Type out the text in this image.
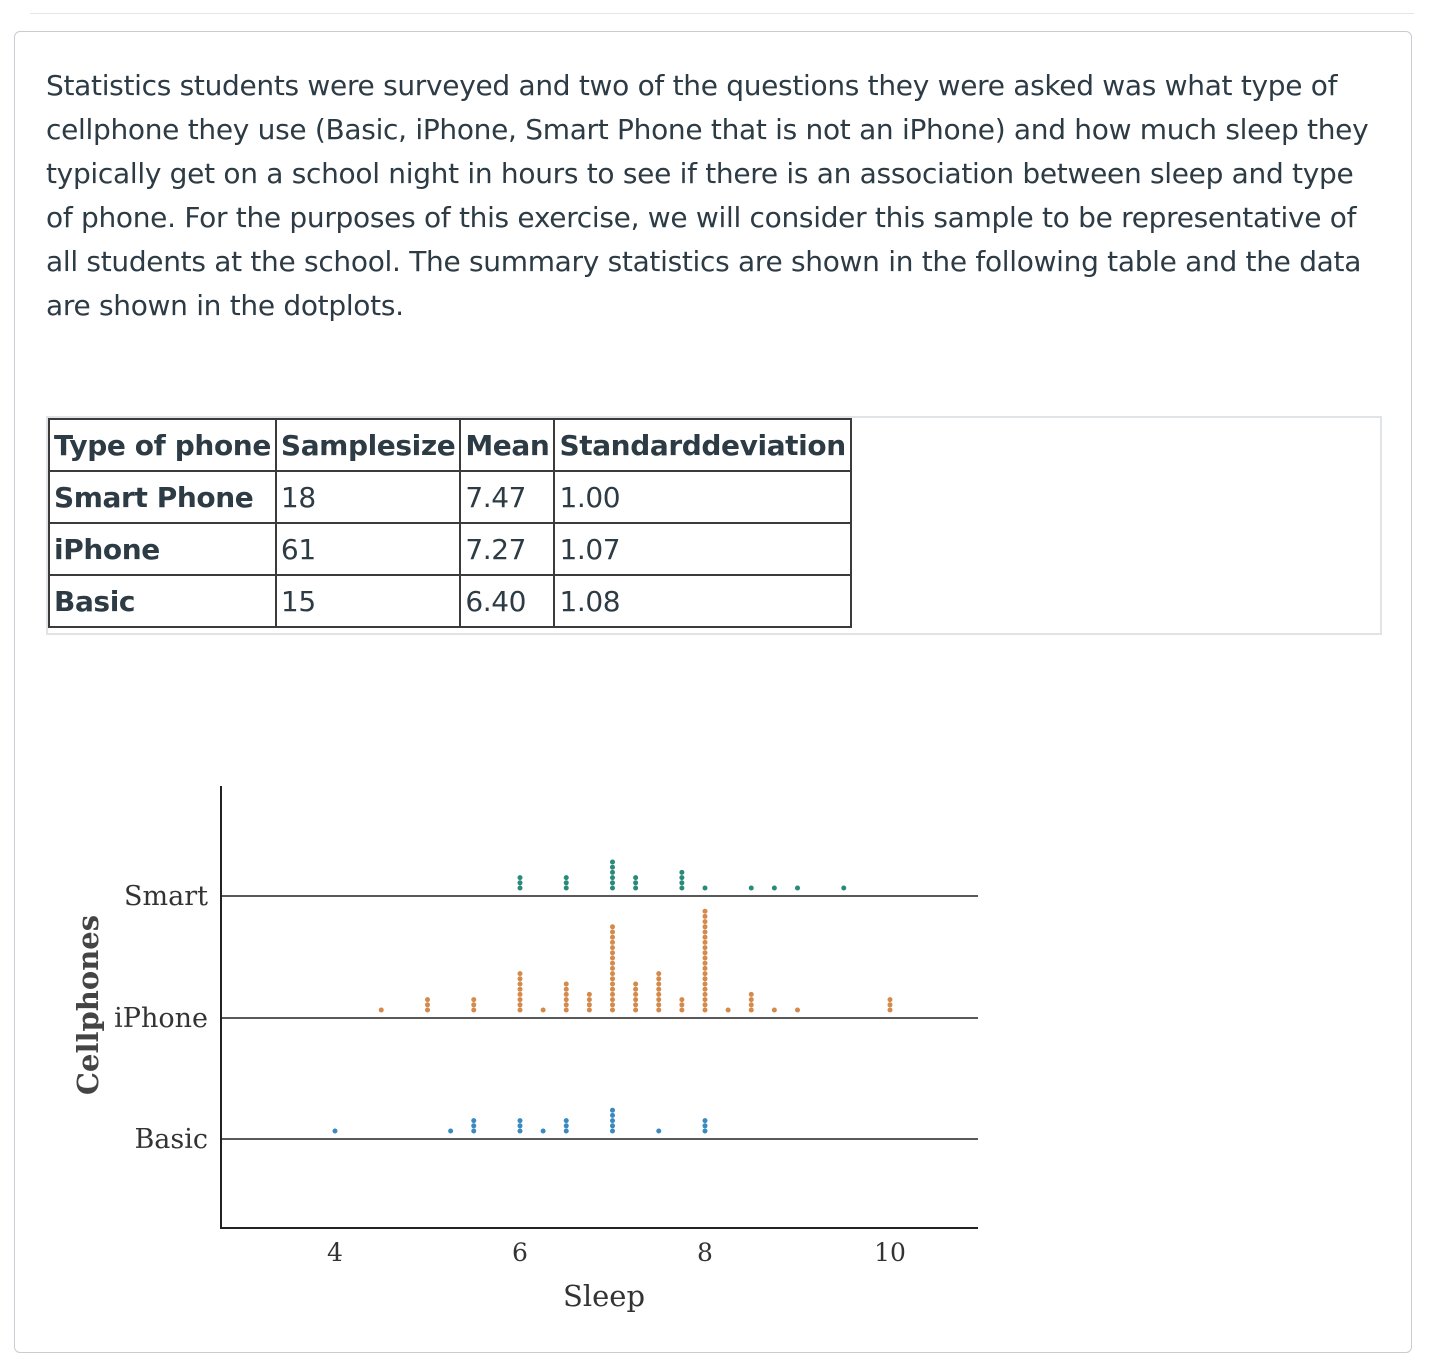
Statistics students were surveyed and two of the questions they were asked was what type of cellphone they use (Basic, iPhone, Smart Phone that is not an iPhone) and how much sleep they typically get on a school night in hours to see if there is an association between sleep and type of phone. For the purposes of this exercise, we will consider this sample to be representative of all students at the school. The summary statistics are shown in the following table and the data are shown in the dotplots.

Type of phone	Samplesize	Mean	Standarddeviation
Smart Phone	18	7.47	1.00
iPhone	61	7.27	1.07
Basic	15	6.40	1.08
Smart
iPhone
Basic
4	6	8	10
Sleep
Cellphones
